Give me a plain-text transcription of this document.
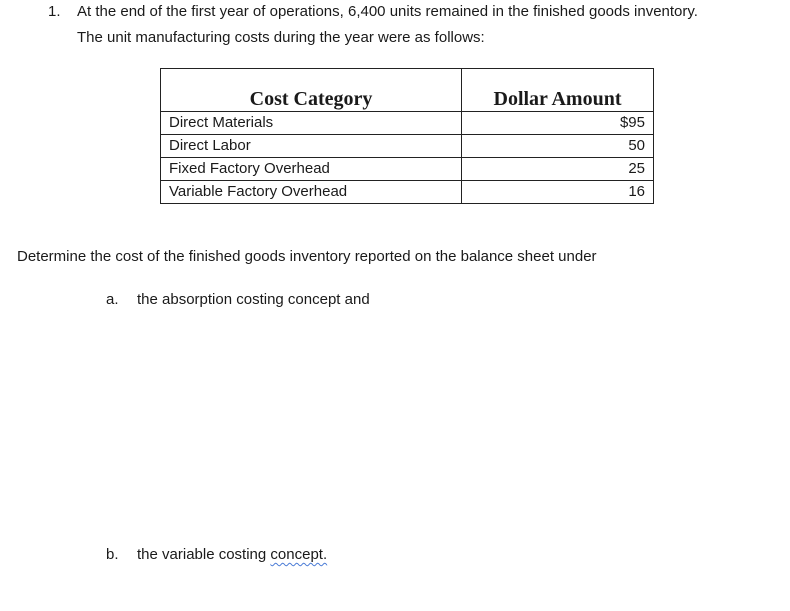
1. At the end of the first year of operations, 6,400 units remained in the finished goods inventory.
The unit manufacturing costs during the year were as follows:
Cost Category	Dollar Amount
Direct Materials	$95
Direct Labor	50
Fixed Factory Overhead	25
Variable Factory Overhead	16
Determine the cost of the finished goods inventory reported on the balance sheet under
a. the absorption costing concept and
b. the variable costing concept.
